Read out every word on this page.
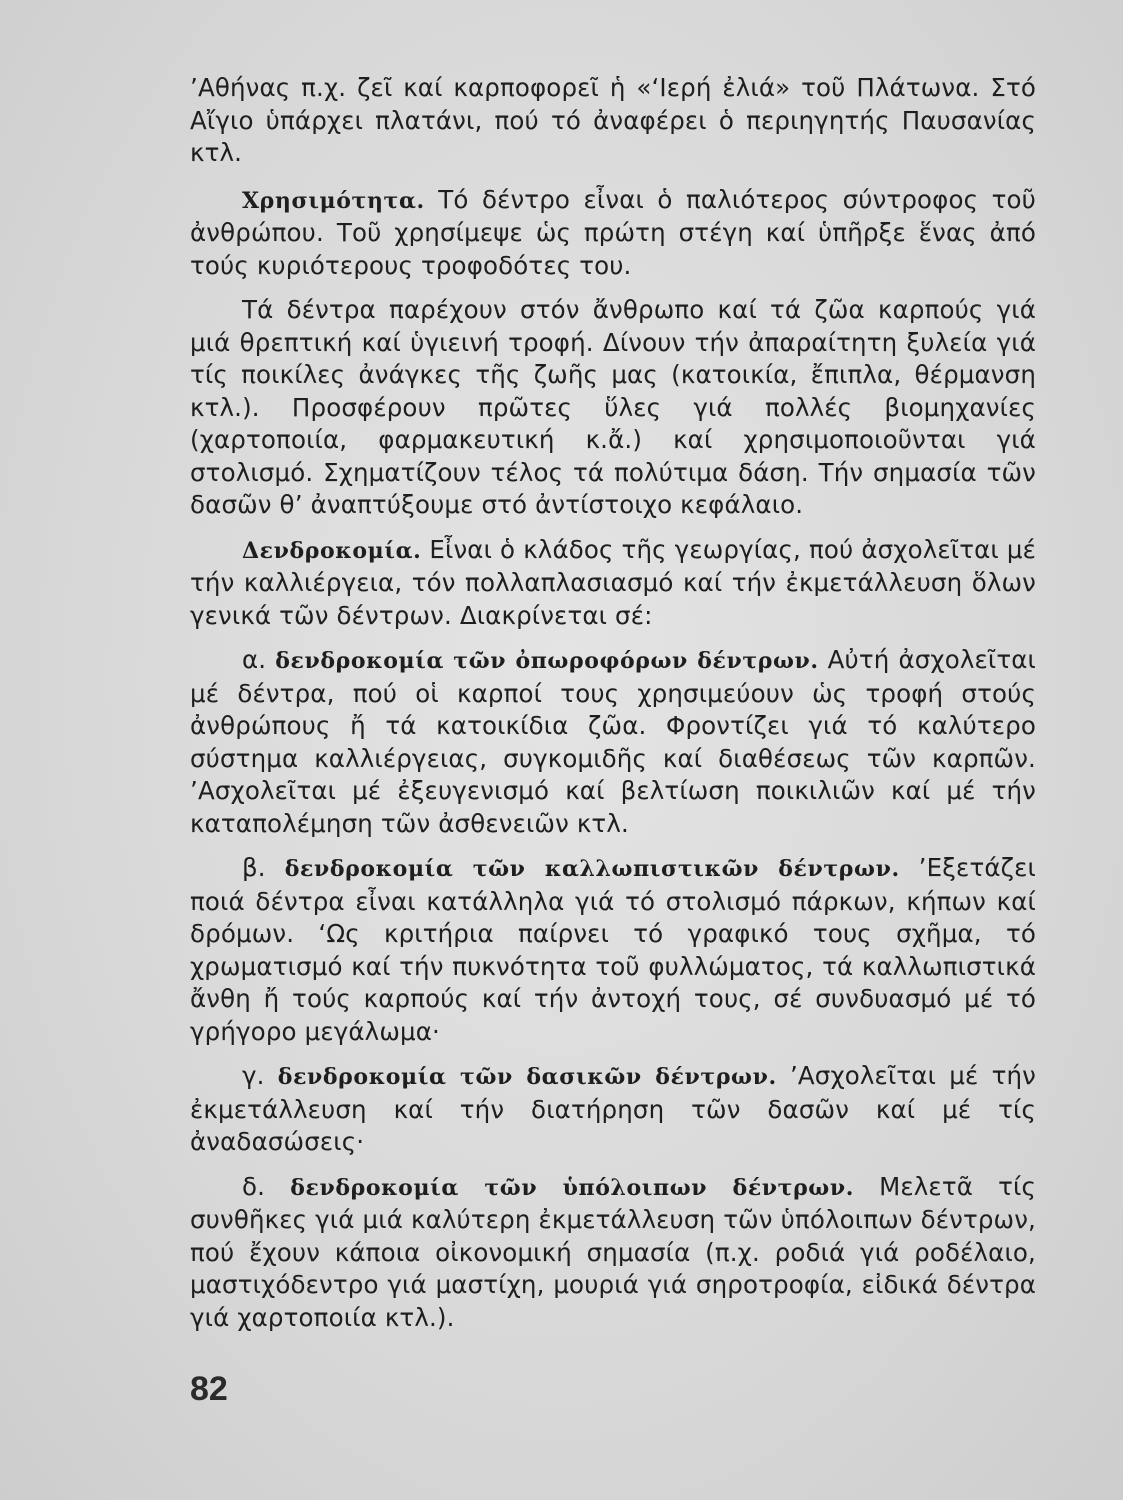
’Αθήνας π.χ. ζεῖ καί καρποφορεῖ ἡ «‘Ιερή ἐλιά» τοῦ Πλάτωνα. Στό Αἴγιο ὑπάρχει πλατάνι, πού τό ἀναφέρει ὁ περιηγητής Παυσανίας κτλ.

Χρησιμότητα. Τό δέντρο εἶναι ὁ παλιότερος σύντροφος τοῦ ἀνθρώπου. Τοῦ χρησίμεψε ὡς πρώτη στέγη καί ὑπῆρξε ἕνας ἀπό τούς κυριότερους τροφοδότες του.

Τά δέντρα παρέχουν στόν ἄνθρωπο καί τά ζῶα καρπούς γιά μιά θρεπτική καί ὑγιεινή τροφή. Δίνουν τήν ἀπαραίτητη ξυλεία γιά τίς ποικίλες ἀνάγκες τῆς ζωῆς μας (κατοικία, ἔπιπλα, θέρμανση κτλ.). Προσφέρουν πρῶτες ὕλες γιά πολλές βιομηχανίες (χαρτοποιία, φαρμακευτική κ.ἄ.) καί χρησιμοποιοῦνται γιά στολισμό. Σχηματίζουν τέλος τά πολύτιμα δάση. Τήν σημασία τῶν δασῶν θ’ ἀναπτύξουμε στό ἀντίστοιχο κεφάλαιο.

Δενδροκομία. Εἶναι ὁ κλάδος τῆς γεωργίας, πού ἀσχολεῖται μέ τήν καλλιέργεια, τόν πολλαπλασιασμό καί τήν ἐκμετάλλευση ὅλων γενικά τῶν δέντρων. Διακρίνεται σέ:

α. δενδροκομία τῶν ὀπωροφόρων δέντρων. Αὐτή ἀσχολεῖται μέ δέντρα, πού οἱ καρποί τους χρησιμεύουν ὡς τροφή στούς ἀνθρώπους ἤ τά κατοικίδια ζῶα. Φροντίζει γιά τό καλύτερο σύστημα καλλιέργειας, συγκομιδῆς καί διαθέσεως τῶν καρπῶν. ’Ασχολεῖται μέ ἐξευγενισμό καί βελτίωση ποικιλιῶν καί μέ τήν καταπολέμηση τῶν ἀσθενειῶν κτλ.

β. δενδροκομία τῶν καλλωπιστικῶν δέντρων. ’Εξετάζει ποιά δέντρα εἶναι κατάλληλα γιά τό στολισμό πάρκων, κήπων καί δρόμων. ‘Ως κριτήρια παίρνει τό γραφικό τους σχῆμα, τό χρωματισμό καί τήν πυκνότητα τοῦ φυλλώματος, τά καλλωπιστικά ἄνθη ἤ τούς καρπούς καί τήν ἀντοχή τους, σέ συνδυασμό μέ τό γρήγορο μεγάλωμα·

γ. δενδροκομία τῶν δασικῶν δέντρων. ’Ασχολεῖται μέ τήν ἐκμετάλλευση καί τήν διατήρηση τῶν δασῶν καί μέ τίς ἀναδασώσεις·

δ. δενδροκομία τῶν ὑπόλοιπων δέντρων. Μελετᾶ τίς συνθῆκες γιά μιά καλύτερη ἐκμετάλλευση τῶν ὑπόλοιπων δέντρων, πού ἔχουν κάποια οἰκονομική σημασία (π.χ. ροδιά γιά ροδέλαιο, μαστιχόδεντρο γιά μαστίχη, μουριά γιά σηροτροφία, εἰδικά δέντρα γιά χαρτοποιία κτλ.).

82
